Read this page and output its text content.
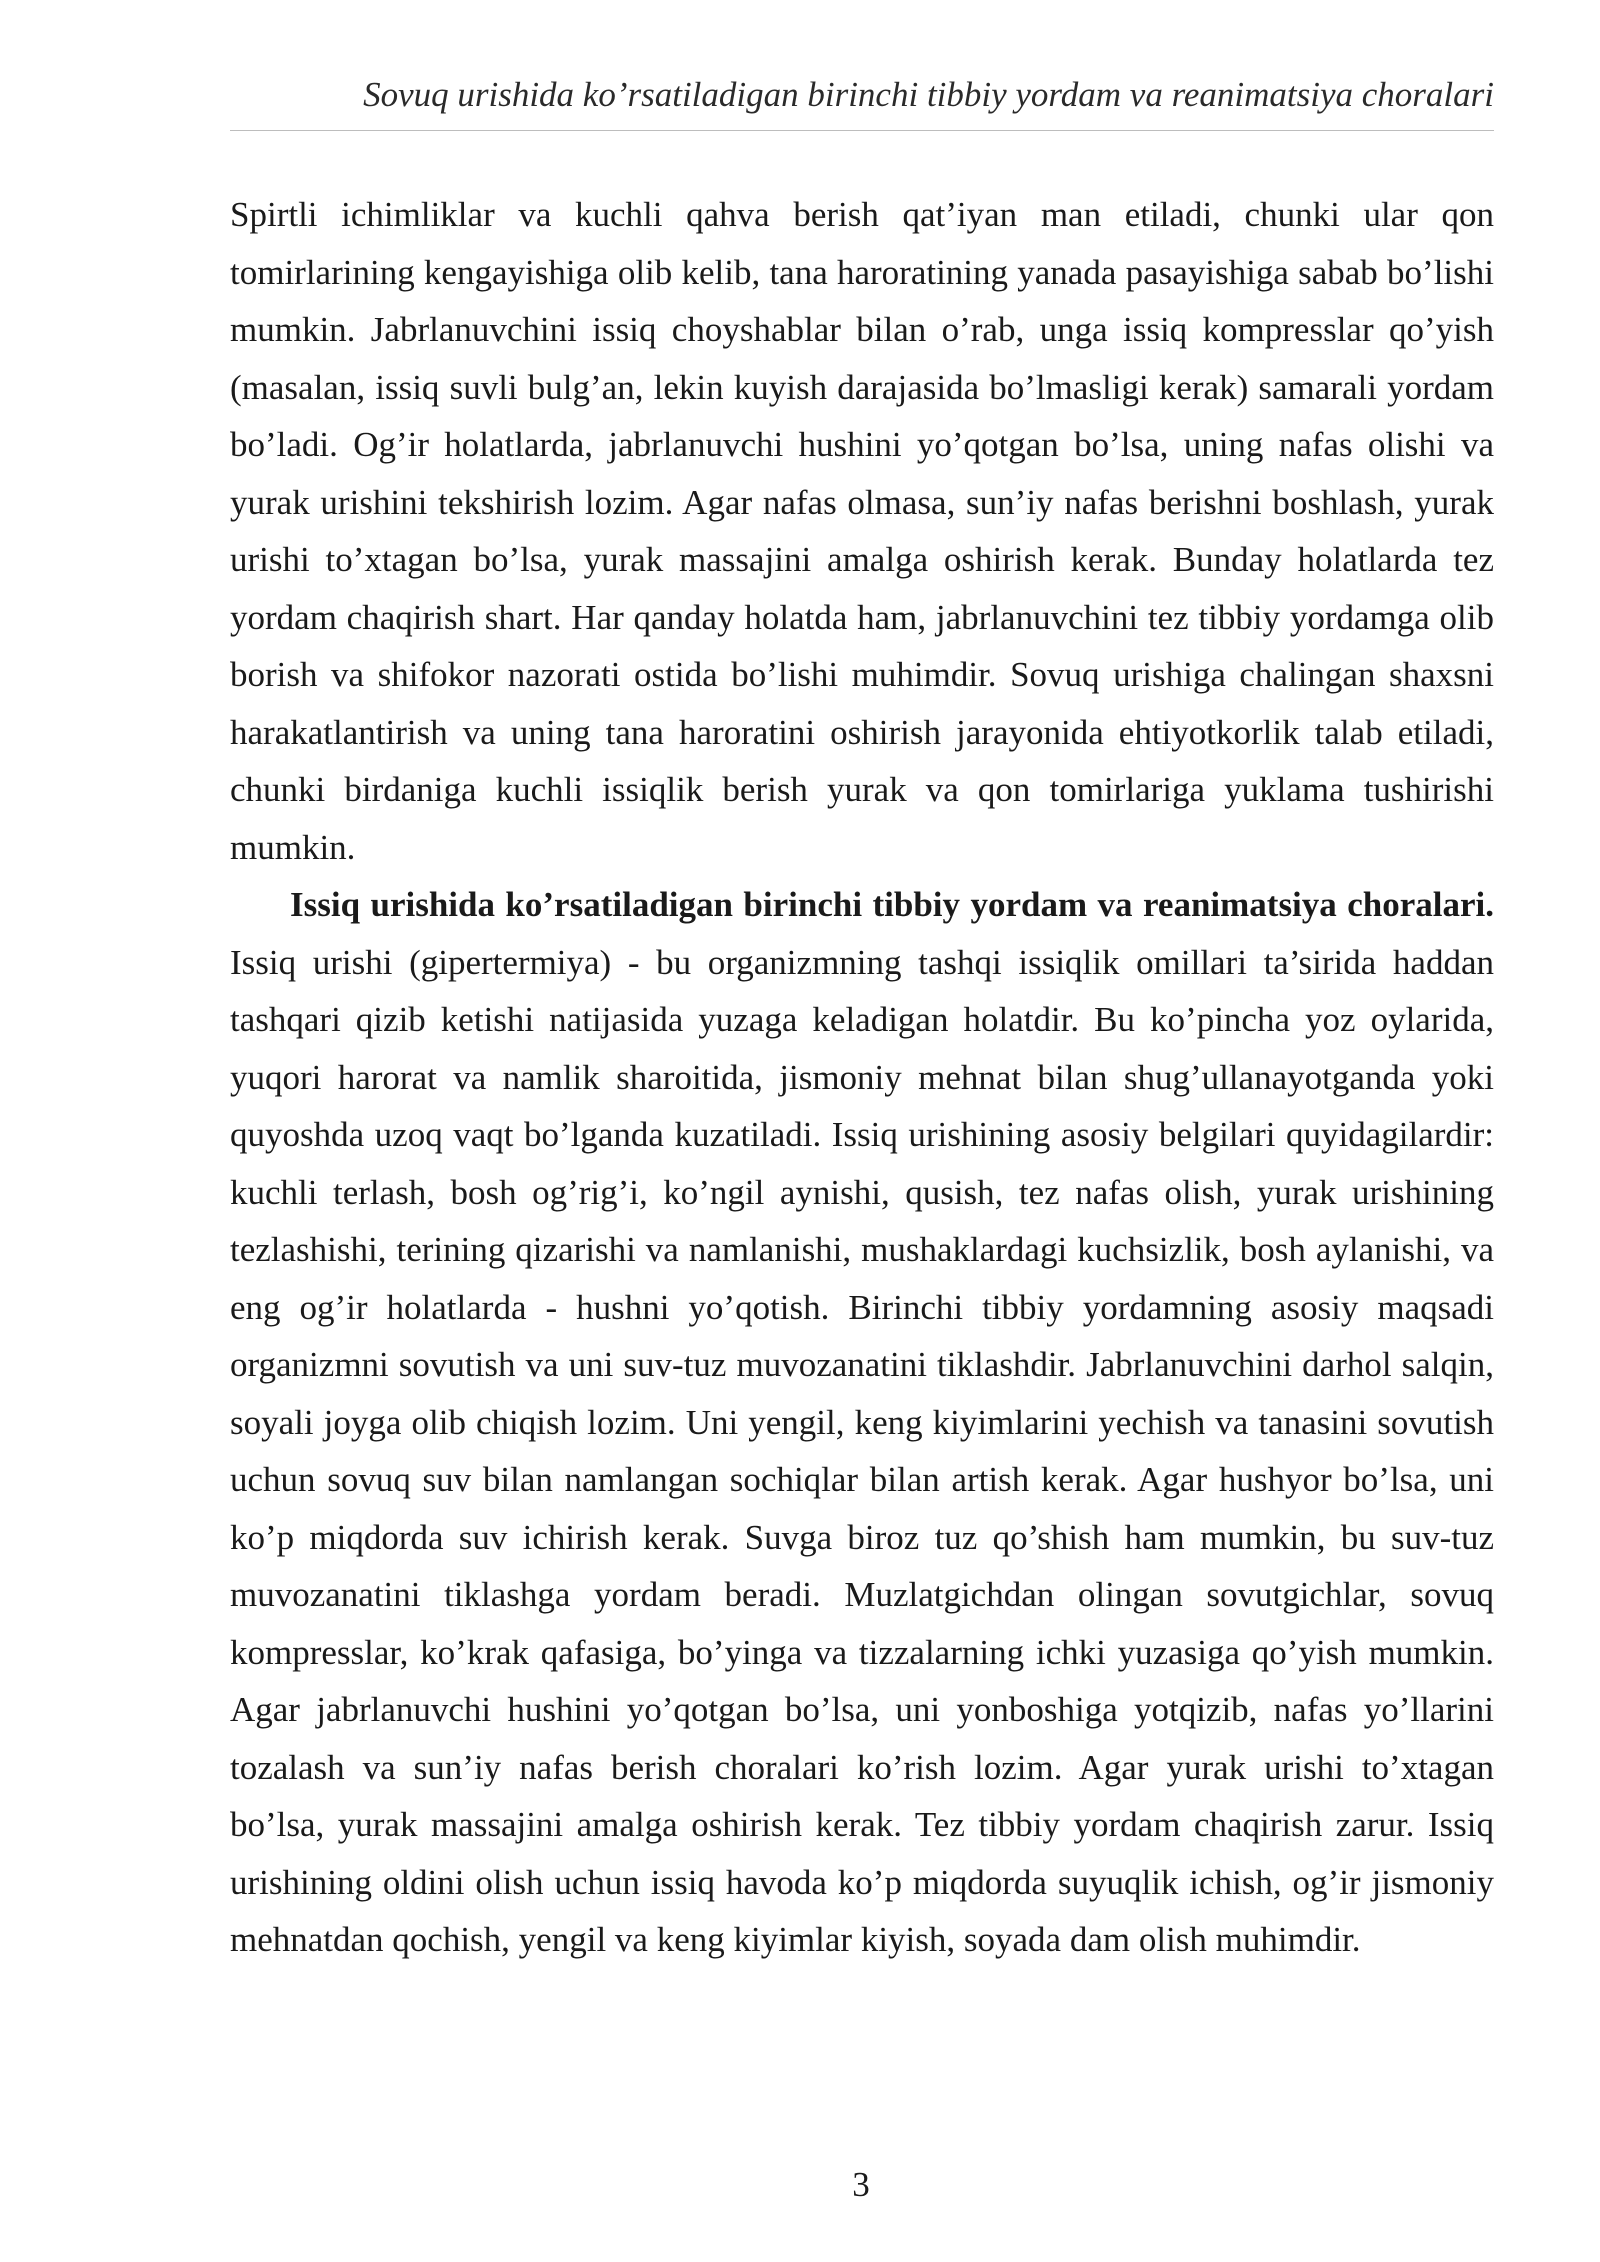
Sovuq urishida ko’rsatiladigan birinchi tibbiy yordam va reanimatsiya choralari

Spirtli ichimliklar va kuchli qahva berish qat’iyan man etiladi, chunki ular qon tomirlarining kengayishiga olib kelib, tana haroratining yanada pasayishiga sabab bo’lishi mumkin. Jabrlanuvchini issiq choyshablar bilan o’rab, unga issiq kompresslar qo’yish (masalan, issiq suvli bulg’an, lekin kuyish darajasida bo’lmasligi kerak) samarali yordam bo’ladi. Og’ir holatlarda, jabrlanuvchi hushini yo’qotgan bo’lsa, uning nafas olishi va yurak urishini tekshirish lozim. Agar nafas olmasa, sun’iy nafas berishni boshlash, yurak urishi to’xtagan bo’lsa, yurak massajini amalga oshirish kerak. Bunday holatlarda tez yordam chaqirish shart. Har qanday holatda ham, jabrlanuvchini tez tibbiy yordamga olib borish va shifokor nazorati ostida bo’lishi muhimdir. Sovuq urishiga chalingan shaxsni harakatlantirish va uning tana haroratini oshirish jarayonida ehtiyotkorlik talab etiladi, chunki birdaniga kuchli issiqlik berish yurak va qon tomirlariga yuklama tushirishi mumkin.

Issiq urishida ko’rsatiladigan birinchi tibbiy yordam va reanimatsiya choralari. Issiq urishi (gipertermiya) - bu organizmning tashqi issiqlik omillari ta’sirida haddan tashqari qizib ketishi natijasida yuzaga keladigan holatdir. Bu ko’pincha yoz oylarida, yuqori harorat va namlik sharoitida, jismoniy mehnat bilan shug’ullanayotganda yoki quyoshda uzoq vaqt bo’lganda kuzatiladi. Issiq urishining asosiy belgilari quyidagilardir: kuchli terlash, bosh og’rig’i, ko’ngil aynishi, qusish, tez nafas olish, yurak urishining tezlashishi, terining qizarishi va namlanishi, mushaklardagi kuchsizlik, bosh aylanishi, va eng og’ir holatlarda - hushni yo’qotish. Birinchi tibbiy yordamning asosiy maqsadi organizmni sovutish va uni suv-tuz muvozanatini tiklashdir. Jabrlanuvchini darhol salqin, soyali joyga olib chiqish lozim. Uni yengil, keng kiyimlarini yechish va tanasini sovutish uchun sovuq suv bilan namlangan sochiqlar bilan artish kerak. Agar hushyor bo’lsa, uni ko’p miqdorda suv ichirish kerak. Suvga biroz tuz qo’shish ham mumkin, bu suv-tuz muvozanatini tiklashga yordam beradi. Muzlatgichdan olingan sovutgichlar, sovuq kompresslar, ko’krak qafasiga, bo’yinga va tizzalarning ichki yuzasiga qo’yish mumkin. Agar jabrlanuvchi hushini yo’qotgan bo’lsa, uni yonboshiga yotqizib, nafas yo’llarini tozalash va sun’iy nafas berish choralari ko’rish lozim. Agar yurak urishi to’xtagan bo’lsa, yurak massajini amalga oshirish kerak. Tez tibbiy yordam chaqirish zarur. Issiq urishining oldini olish uchun issiq havoda ko’p miqdorda suyuqlik ichish, og’ir jismoniy mehnatdan qochish, yengil va keng kiyimlar kiyish, soyada dam olish muhimdir.

3
